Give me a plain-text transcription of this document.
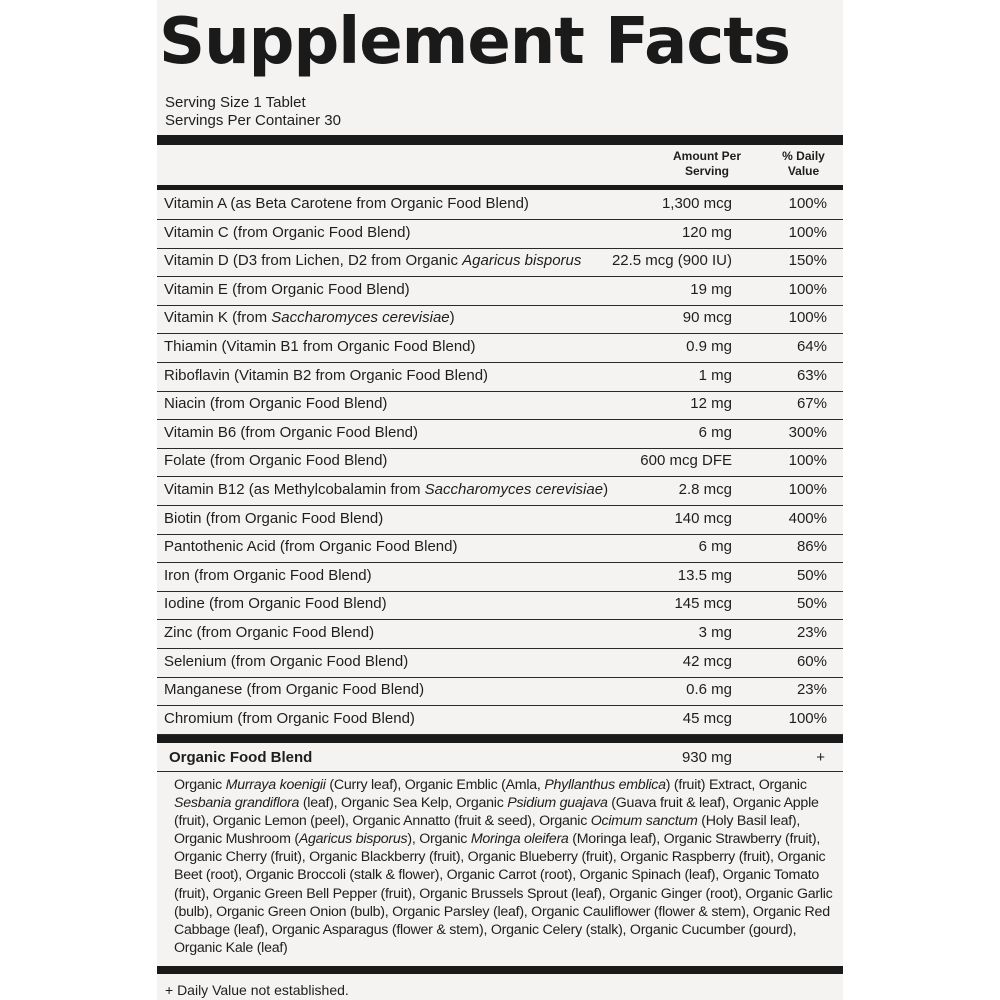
Supplement Facts
Serving Size 1 Tablet
Servings Per Container 30
Amount Per Serving
% Daily Value
Vitamin A (as Beta Carotene from Organic Food Blend)	1,300 mcg	100%
Vitamin C (from Organic Food Blend)	120 mg	100%
Vitamin D (D3 from Lichen, D2 from Organic Agaricus bisporus 22.5 mcg (900 IU)	150%
Vitamin E (from Organic Food Blend)	19 mg	100%
Vitamin K (from Saccharomyces cerevisiae)	90 mcg	100%
Thiamin (Vitamin B1 from Organic Food Blend)	0.9 mg	64%
Riboflavin (Vitamin B2 from Organic Food Blend)	1 mg	63%
Niacin (from Organic Food Blend)	12 mg	67%
Vitamin B6 (from Organic Food Blend)	6 mg	300%
Folate (from Organic Food Blend)	600 mcg DFE	100%
Vitamin B12 (as Methylcobalamin from Saccharomyces cerevisiae)	2.8 mcg	100%
Biotin (from Organic Food Blend)	140 mcg	400%
Pantothenic Acid (from Organic Food Blend)	6 mg	86%
Iron (from Organic Food Blend)	13.5 mg	50%
Iodine (from Organic Food Blend)	145 mcg	50%
Zinc (from Organic Food Blend)	3 mg	23%
Selenium (from Organic Food Blend)	42 mcg	60%
Manganese (from Organic Food Blend)	0.6 mg	23%
Chromium (from Organic Food Blend)	45 mcg	100%
Organic Food Blend	930 mg	+
Organic Murraya koenigii (Curry leaf), Organic Emblic (Amla, Phyllanthus emblica) (fruit) Extract, Organic Sesbania grandiflora (leaf), Organic Sea Kelp, Organic Psidium guajava (Guava fruit & leaf), Organic Apple (fruit), Organic Lemon (peel), Organic Annatto (fruit & seed), Organic Ocimum sanctum (Holy Basil leaf), Organic Mushroom (Agaricus bisporus), Organic Moringa oleifera (Moringa leaf), Organic Strawberry (fruit), Organic Cherry (fruit), Organic Blackberry (fruit), Organic Blueberry (fruit), Organic Raspberry (fruit), Organic Beet (root), Organic Broccoli (stalk & flower), Organic Carrot (root), Organic Spinach (leaf), Organic Tomato (fruit), Organic Green Bell Pepper (fruit), Organic Brussels Sprout (leaf), Organic Ginger (root), Organic Garlic (bulb), Organic Green Onion (bulb), Organic Parsley (leaf), Organic Cauliflower (flower & stem), Organic Red Cabbage (leaf), Organic Asparagus (flower & stem), Organic Celery (stalk), Organic Cucumber (gourd), Organic Kale (leaf)
+ Daily Value not established.
